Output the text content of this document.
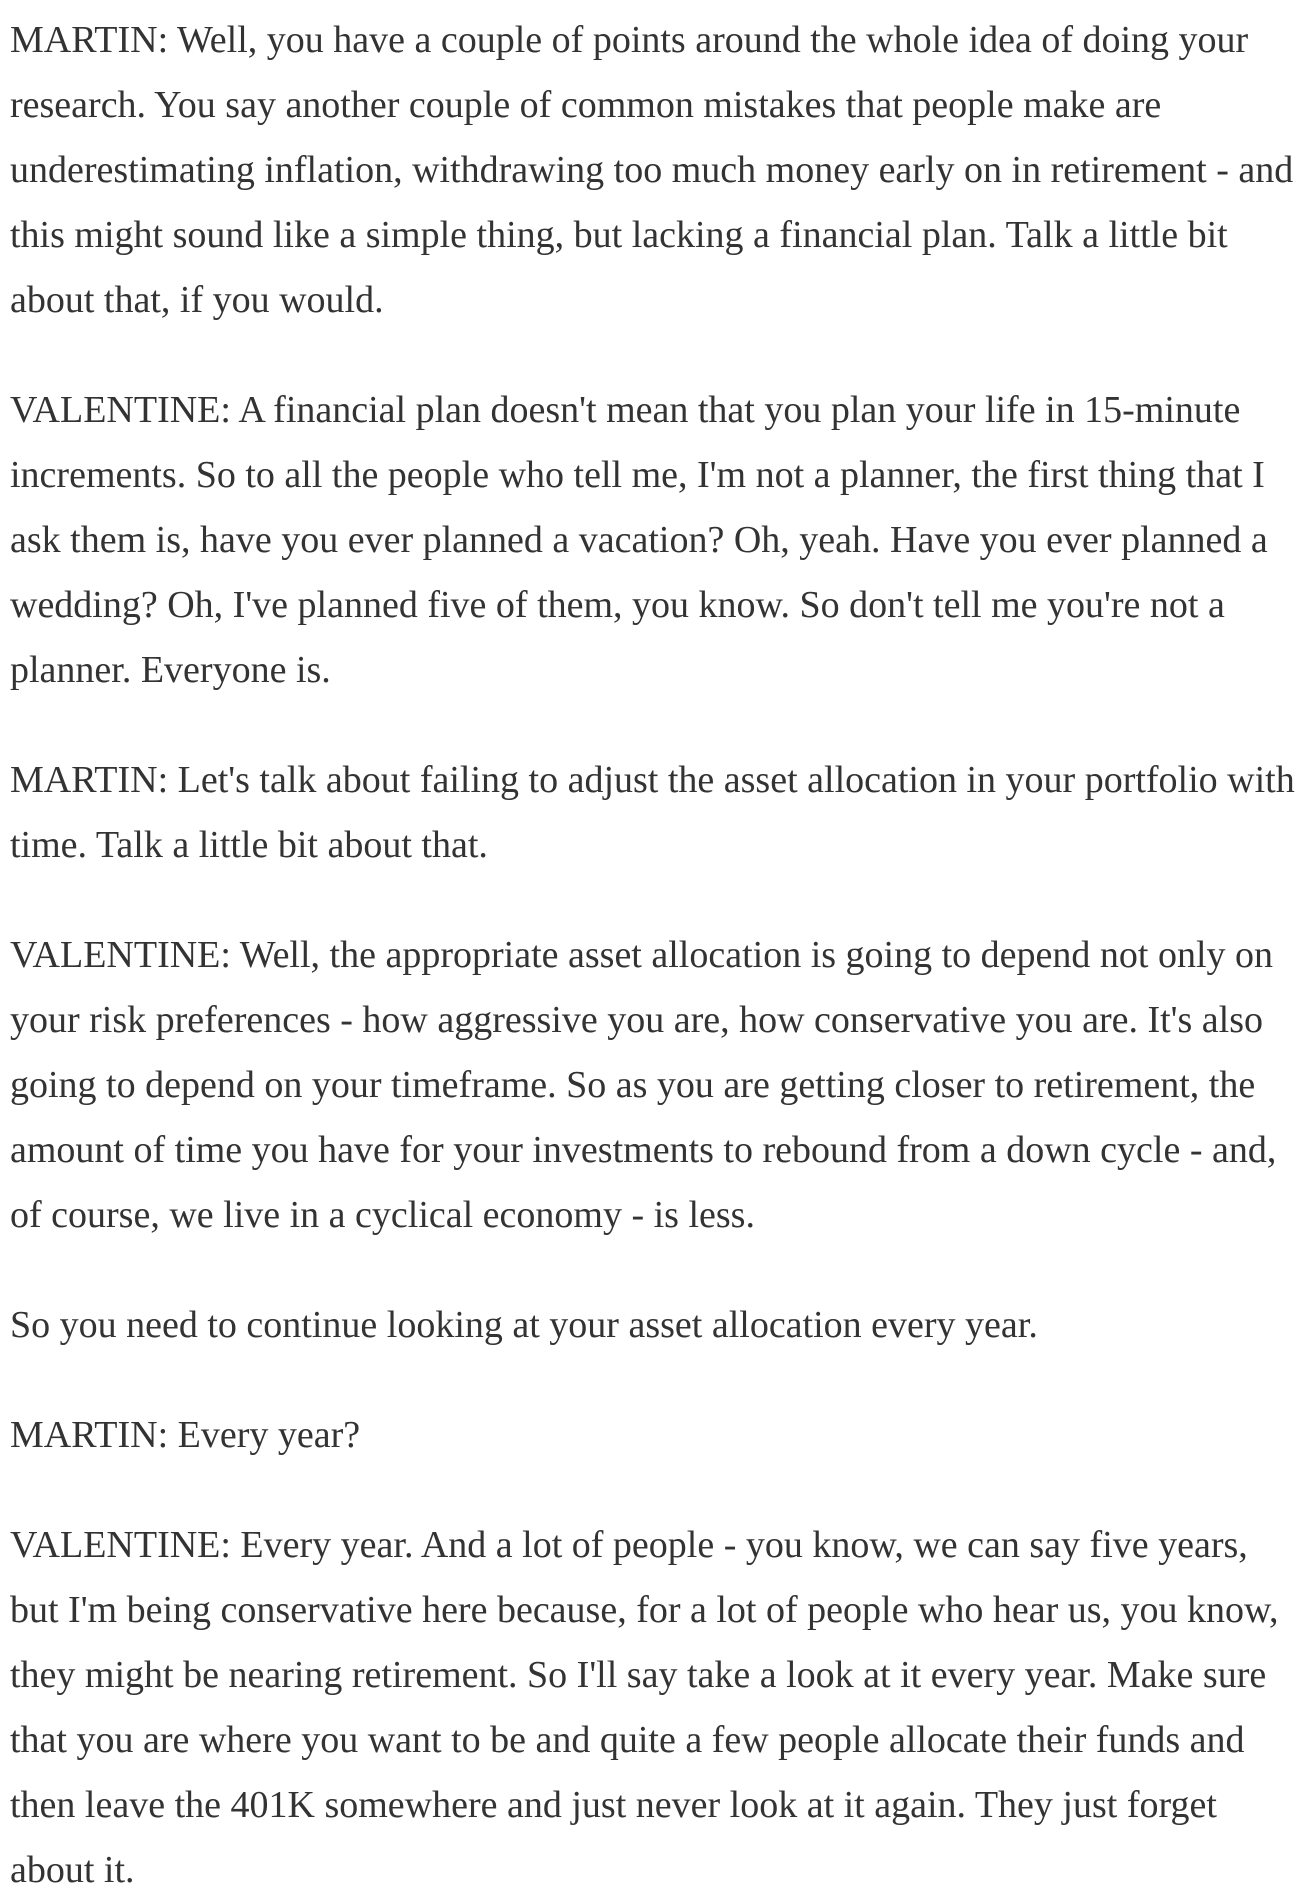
MARTIN: Well, you have a couple of points around the whole idea of doing your research. You say another couple of common mistakes that people make are underestimating inflation, withdrawing too much money early on in retirement - and this might sound like a simple thing, but lacking a financial plan. Talk a little bit about that, if you would.

VALENTINE: A financial plan doesn't mean that you plan your life in 15-minute increments. So to all the people who tell me, I'm not a planner, the first thing that I ask them is, have you ever planned a vacation? Oh, yeah. Have you ever planned a wedding? Oh, I've planned five of them, you know. So don't tell me you're not a planner. Everyone is.

MARTIN: Let's talk about failing to adjust the asset allocation in your portfolio with time. Talk a little bit about that.

VALENTINE: Well, the appropriate asset allocation is going to depend not only on your risk preferences - how aggressive you are, how conservative you are. It's also going to depend on your timeframe. So as you are getting closer to retirement, the amount of time you have for your investments to rebound from a down cycle - and, of course, we live in a cyclical economy - is less.

So you need to continue looking at your asset allocation every year.

MARTIN: Every year?

VALENTINE: Every year. And a lot of people - you know, we can say five years, but I'm being conservative here because, for a lot of people who hear us, you know, they might be nearing retirement. So I'll say take a look at it every year. Make sure that you are where you want to be and quite a few people allocate their funds and then leave the 401K somewhere and just never look at it again. They just forget about it.
